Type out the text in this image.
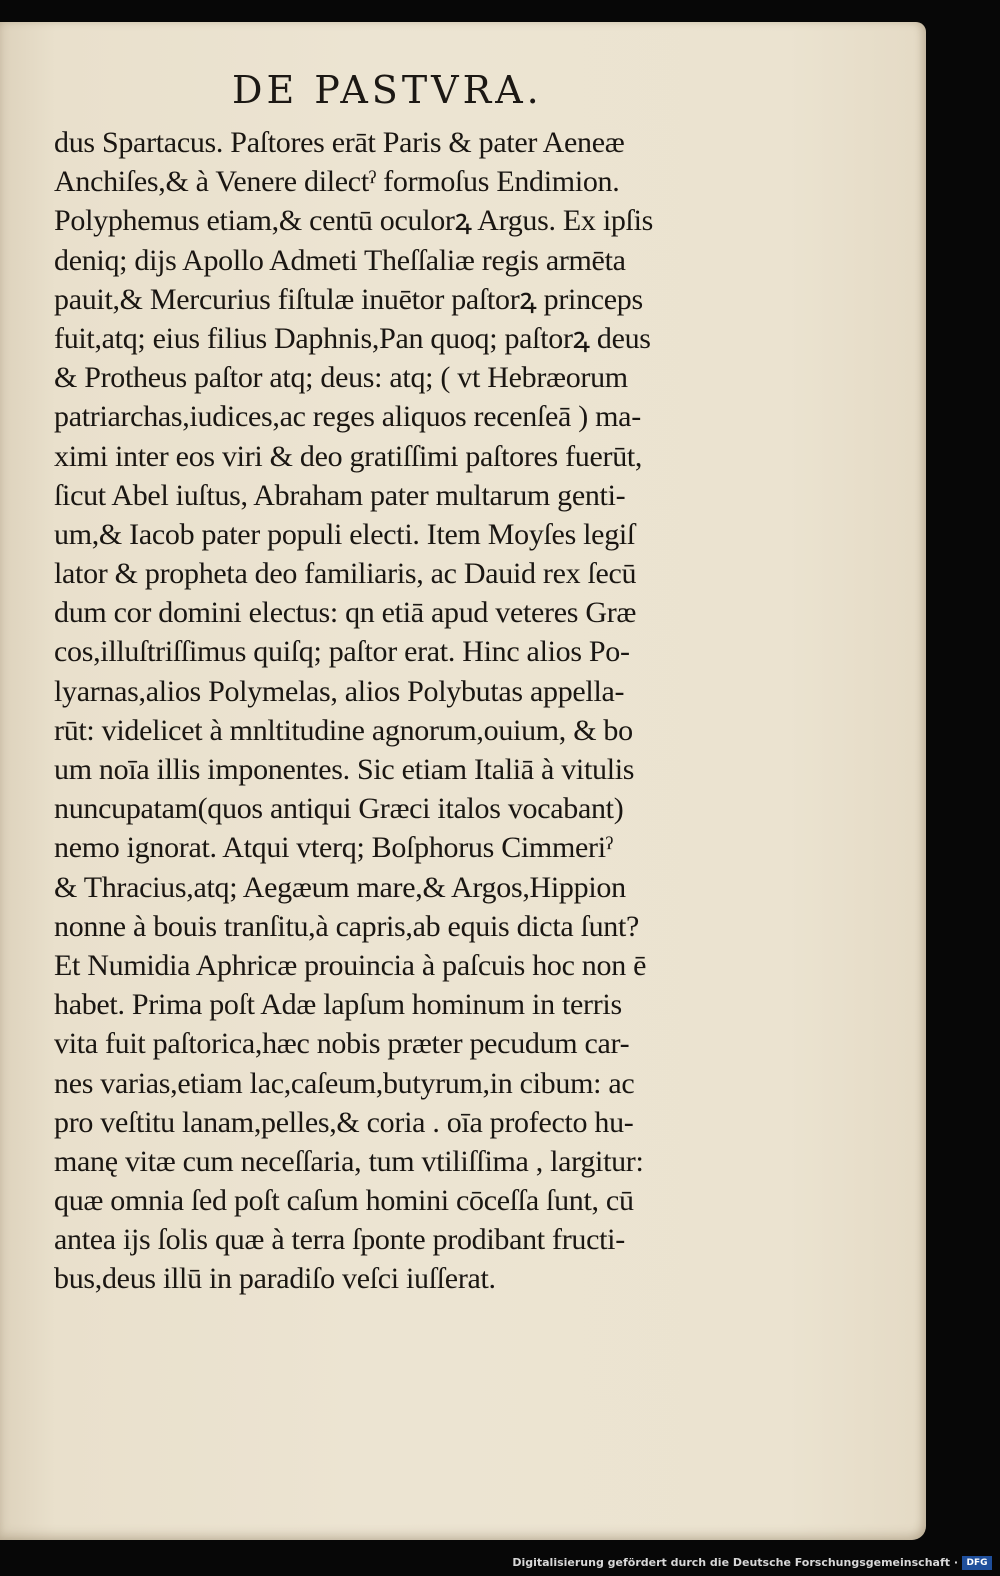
DE PASTVRA.
dus Spartacus. Paſtores erāt Paris & pater Aeneæ
Anchiſes,& à Venere dilectˀ formoſus Endimion.
Polyphemus etiam,& centū oculorꝝ Argus. Ex ipſis
deniq; dijs Apollo Admeti Theſſaliæ regis armēta
pauit,& Mercurius fiſtulæ inuētor paſtorꝝ princeps
fuit,atq; eius filius Daphnis,Pan quoq; paſtorꝝ deus
& Protheus paſtor atq; deus: atq; ( vt Hebræorum
patriarchas,iudices,ac reges aliquos recenſeā ) ma-
ximi inter eos viri & deo gratiſſimi paſtores fuerūt,
ſicut Abel iuſtus, Abraham pater multarum genti-
um,& Iacob pater populi electi. Item Moyſes legiſ
lator & propheta deo familiaris, ac Dauid rex ſecū
dum cor domini electus: qn etiā apud veteres Græ
cos,illuſtriſſimus quiſq; paſtor erat. Hinc alios Po-
lyarnas,alios Polymelas, alios Polybutas appella-
rūt: videlicet à mnltitudine agnorum,ouium, & bo
um noīa illis imponentes. Sic etiam Italiā à vitulis
nuncupatam(quos antiqui Græci italos vocabant)
nemo ignorat. Atqui vterq; Boſphorus Cimmeriˀ
& Thracius,atq; Aegæum mare,& Argos,Hippion
nonne à bouis tranſitu,à capris,ab equis dicta ſunt?
Et Numidia Aphricæ prouincia à paſcuis hoc non ē
habet. Prima poſt Adæ lapſum hominum in terris
vita fuit paſtorica,hæc nobis præter pecudum car-
nes varias,etiam lac,caſeum,butyrum,in cibum: ac
pro veſtitu lanam,pelles,& coria . oīa profecto hu-
manę vitæ cum neceſſaria, tum vtiliſſima , largitur:
quæ omnia ſed poſt caſum homini cōceſſa ſunt, cū
antea ijs ſolis quæ à terra ſponte prodibant fructi-
bus,deus illū in paradiſo veſci iuſſerat.
Digitalisierung gefördert durch die Deutsche Forschungsgemeinschaft · DFG
